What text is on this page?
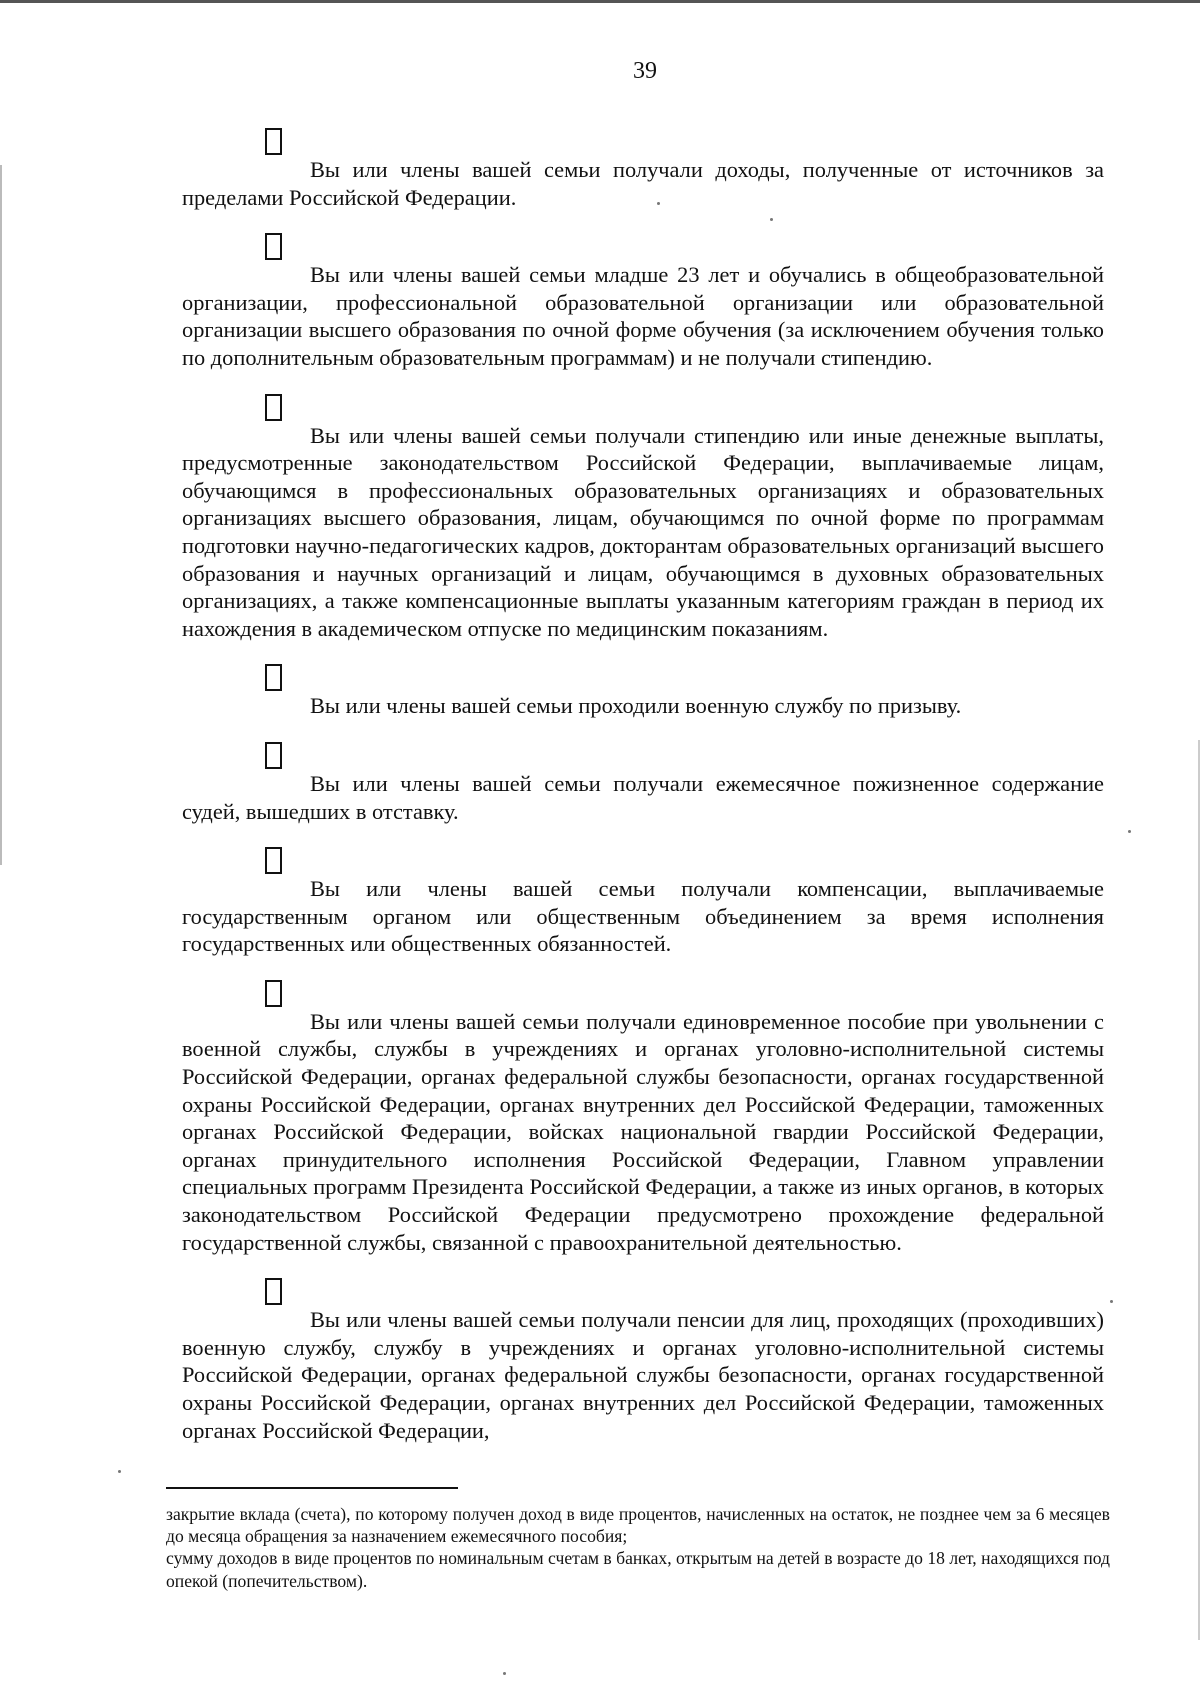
39

Вы или члены вашей семьи получали доходы, полученные от источников за пределами Российской Федерации.

Вы или члены вашей семьи младше 23 лет и обучались в общеобразовательной организации, профессиональной образовательной организации или образовательной организации высшего образования по очной форме обучения (за исключением обучения только по дополнительным образовательным программам) и не получали стипендию.

Вы или члены вашей семьи получали стипендию или иные денежные выплаты, предусмотренные законодательством Российской Федерации, выплачиваемые лицам, обучающимся в профессиональных образовательных организациях и образовательных организациях высшего образования, лицам, обучающимся по очной форме по программам подготовки научно-педагогических кадров, докторантам образовательных организаций высшего образования и научных организаций и лицам, обучающимся в духовных образовательных организациях, а также компенсационные выплаты указанным категориям граждан в период их нахождения в академическом отпуске по медицинским показаниям.

Вы или члены вашей семьи проходили военную службу по призыву.

Вы или члены вашей семьи получали ежемесячное пожизненное содержание судей, вышедших в отставку.

Вы или члены вашей семьи получали компенсации, выплачиваемые государственным органом или общественным объединением за время исполнения государственных или общественных обязанностей.

Вы или члены вашей семьи получали единовременное пособие при увольнении с военной службы, службы в учреждениях и органах уголовно-исполнительной системы Российской Федерации, органах федеральной службы безопасности, органах государственной охраны Российской Федерации, органах внутренних дел Российской Федерации, таможенных органах Российской Федерации, войсках национальной гвардии Российской Федерации, органах принудительного исполнения Российской Федерации, Главном управлении специальных программ Президента Российской Федерации, а также из иных органов, в которых законодательством Российской Федерации предусмотрено прохождение федеральной государственной службы, связанной с правоохранительной деятельностью.

Вы или члены вашей семьи получали пенсии для лиц, проходящих (проходивших) военную службу, службу в учреждениях и органах уголовно-исполнительной системы Российской Федерации, органах федеральной службы безопасности, органах государственной охраны Российской Федерации, органах внутренних дел Российской Федерации, таможенных органах Российской Федерации,

закрытие вклада (счета), по которому получен доход в виде процентов, начисленных на остаток, не позднее чем за 6 месяцев до месяца обращения за назначением ежемесячного пособия;

сумму доходов в виде процентов по номинальным счетам в банках, открытым на детей в возрасте до 18 лет, находящихся под опекой (попечительством).
